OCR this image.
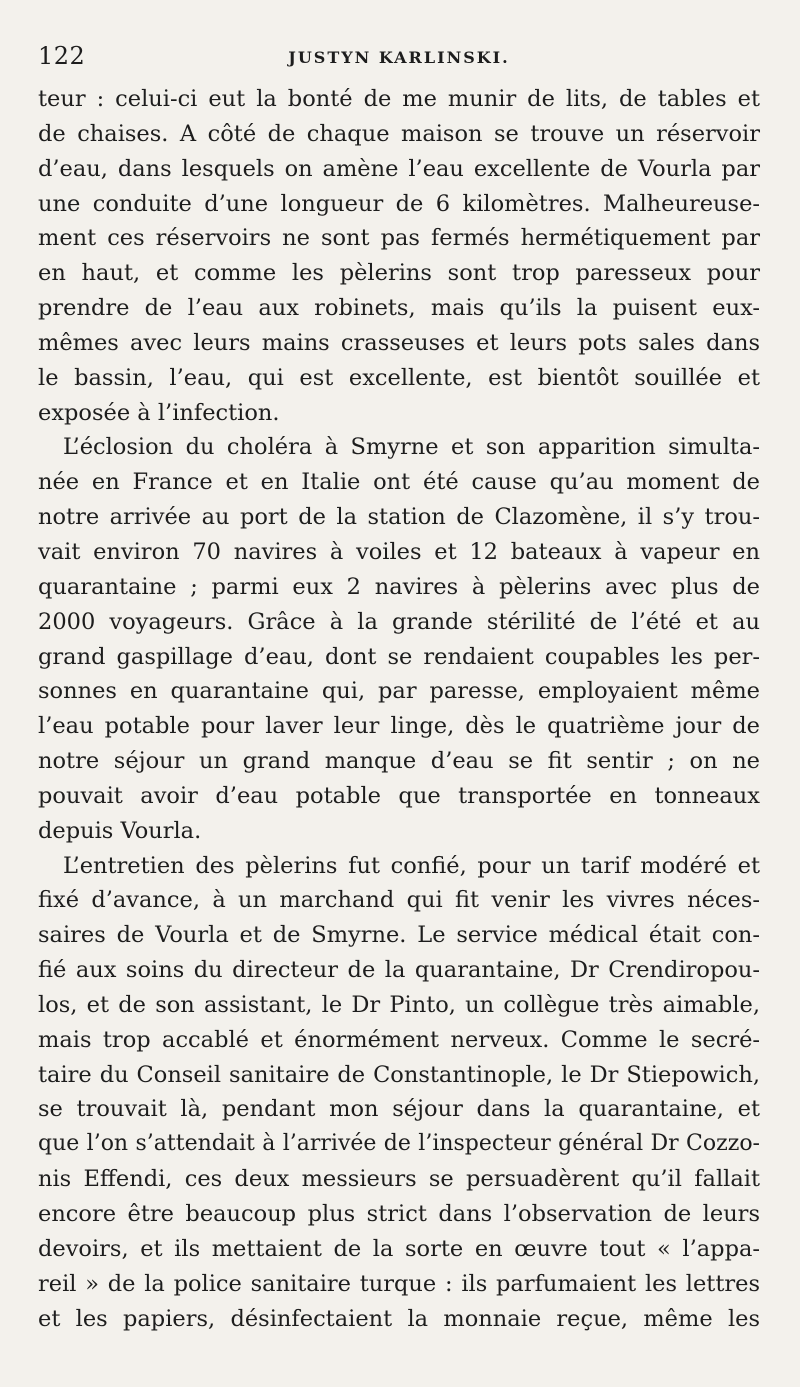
122	JUSTYN KARLINSKI.
teur : celui-ci eut la bonté de me munir de lits, de tables et
de chaises. A côté de chaque maison se trouve un réservoir
d’eau, dans lesquels on amène l’eau excellente de Vourla par
une conduite d’une longueur de 6 kilomètres. Malheureuse-
ment ces réservoirs ne sont pas fermés hermétiquement par
en haut, et comme les pèlerins sont trop paresseux pour
prendre de l’eau aux robinets, mais qu’ils la puisent eux-
mêmes avec leurs mains crasseuses et leurs pots sales dans
le bassin, l’eau, qui est excellente, est bientôt souillée et
exposée à l’infection.
L’éclosion du choléra à Smyrne et son apparition simulta-
née en France et en Italie ont été cause qu’au moment de
notre arrivée au port de la station de Clazomène, il s’y trou-
vait environ 70 navires à voiles et 12 bateaux à vapeur en
quarantaine ; parmi eux 2 navires à pèlerins avec plus de
2000 voyageurs. Grâce à la grande stérilité de l’été et au
grand gaspillage d’eau, dont se rendaient coupables les per-
sonnes en quarantaine qui, par paresse, employaient même
l’eau potable pour laver leur linge, dès le quatrième jour de
notre séjour un grand manque d’eau se fit sentir ; on ne
pouvait avoir d’eau potable que transportée en tonneaux
depuis Vourla.
L’entretien des pèlerins fut confié, pour un tarif modéré et
fixé d’avance, à un marchand qui fit venir les vivres néces-
saires de Vourla et de Smyrne. Le service médical était con-
fié aux soins du directeur de la quarantaine, Dr Crendiropou-
los, et de son assistant, le Dr Pinto, un collègue très aimable,
mais trop accablé et énormément nerveux. Comme le secré-
taire du Conseil sanitaire de Constantinople, le Dr Stiepowich,
se trouvait là, pendant mon séjour dans la quarantaine, et
que l’on s’attendait à l’arrivée de l’inspecteur général Dr Cozzo-
nis Effendi, ces deux messieurs se persuadèrent qu’il fallait
encore être beaucoup plus strict dans l’observation de leurs
devoirs, et ils mettaient de la sorte en œuvre tout « l’appa-
reil » de la police sanitaire turque : ils parfumaient les lettres
et les papiers, désinfectaient la monnaie reçue, même les
